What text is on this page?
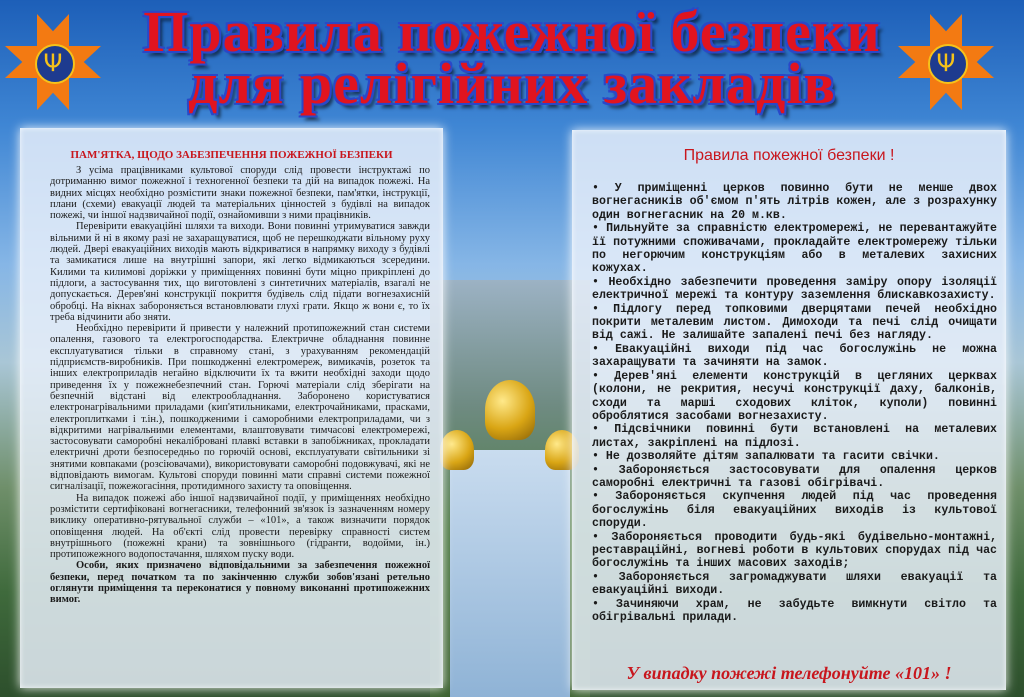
Ψ	Ψ
Правила пожежної безпеки
для релігійних закладів
ПАМ'ЯТКА, ЩОДО ЗАБЕЗПЕЧЕННЯ ПОЖЕЖНОЇ БЕЗПЕКИ

З усіма працівниками культової споруди слід провести інструктажі по дотриманню вимог пожежної і техногенної безпеки та дій на випадок пожежі. На видних місцях необхідно розмістити знаки пожежної безпеки, пам'ятки, інструкції, плани (схеми) евакуації людей та матеріальних цінностей з будівлі на випадок пожежі, чи іншої надзвичайної події, ознайомивши з ними працівників.

Перевірити евакуаційні шляхи та виходи. Вони повинні утримуватися завжди вільними й ні в якому разі не захаращуватися, щоб не перешкоджати вільному руху людей. Двері евакуаційних виходів мають відкриватися в напрямку виходу з будівлі та замикатися лише на внутрішні запори, які легко відмикаються зсередини. Килими та килимові доріжки у приміщеннях повинні бути міцно прикріплені до підлоги, а застосування тих, що виготовлені з синтетичних матеріалів, взагалі не допускається. Дерев'яні конструкції покриття будівель слід підати вогнезахисній обробці. На вікнах забороняється встановлювати глухі грати. Якщо ж вони є, то їх треба відчинити або зняти.

Необхідно перевірити й привести у належний протипожежний стан системи опалення, газового та електрогосподарства. Електричне обладнання повинне експлуатуватися тільки в справному стані, з урахуванням рекомендацій підприємств-виробників. При пошкодженні електромереж, вимикачів, розеток та інших електроприладів негайно відключити їх та вжити необхідні заходи щодо приведення їх у пожежнебезпечний стан. Горючі матеріали слід зберігати на безпечній відстані від електрообладнання. Заборонено користуватися електронагрівальними приладами (кип'ятильниками, електрочайниками, прасками, електроплитками і т.ін.), пошкодженими і саморобними електроприладами, чи з відкритими нагрівальними елементами, влаштовувати тимчасові електромережі, застосовувати саморобні некалібровані плавкі вставки в запобіжниках, прокладати електричні дроти безпосередньо по горючій основі, експлуатувати світильники зі знятими ковпаками (розсіювачами), використовувати саморобні подовжувачі, які не відповідають вимогам. Культові споруди повинні мати справні системи пожежної сигналізації, пожежогасіння, протидимного захисту та оповіщення.

На випадок пожежі або іншої надзвичайної події, у приміщеннях необхідно розмістити сертифіковані вогнегасники, телефонний зв'язок із зазначенням номеру виклику оперативно-рятувальної служби – «101», а також визначити порядок оповіщення людей. На об'єкті слід провести перевірку справності систем внутрішнього (пожежні крани) та зовнішнього (гідранти, водойми, ін.) протипожежного водопостачання, шляхом пуску води.

Особи, яких призначено відповідальними за забезпечення пожежної безпеки, перед початком та по закінченню служби зобов'язані ретельно оглянути приміщення та переконатися у повному виконанні протипожежних вимог.

Правила пожежної безпеки !

• У приміщенні церков повинно бути не менше двох вогнегасників об'ємом п'ять літрів кожен, але з розрахунку один вогнегасник на 20 м.кв.

• Пильнуйте за справністю електромережі, не перевантажуйте її потужними споживачами, прокладайте електромережу тільки по негорючим конструкціям або в металевих захисних кожухах.

• Необхідно забезпечити проведення заміру опору ізоляції електричної мережі та контуру заземлення блискавкозахисту.

• Підлогу перед топковими дверцятами печей необхідно покрити металевим листом. Димоходи та печі слід очищати від сажі. Не залишайте запалені печі без нагляду.

• Евакуаційні виходи під час богослужінь не можна захаращувати та зачиняти на замок.

• Дерев'яні елементи конструкцій в цегляних церквах (колони, не рекрития, несучі конструкції даху, балконів, сходи та марші сходових кліток, куполи) повинні оброблятися засобами вогнезахисту.

• Підсвічники повинні бути встановлені на металевих листах, закріплені на підлозі.

• Не дозволяйте дітям запалювати та гасити свічки.

• Забороняється застосовувати для опалення церков саморобні електричні та газові обігрівачі.

• Забороняється скупчення людей під час проведення богослужінь біля евакуаційних виходів із культової споруди.

• Забороняється проводити будь-які будівельно-монтажні, реставраційні, вогневі роботи в культових спорудах під час богослужінь та інших масових заходів;

• Забороняється загромаджувати шляхи евакуації та евакуаційні виходи.

• Зачиняючи храм, не забудьте вимкнути світло та обігрівальні прилади.

У випадку пожежі телефонуйте «101» !
